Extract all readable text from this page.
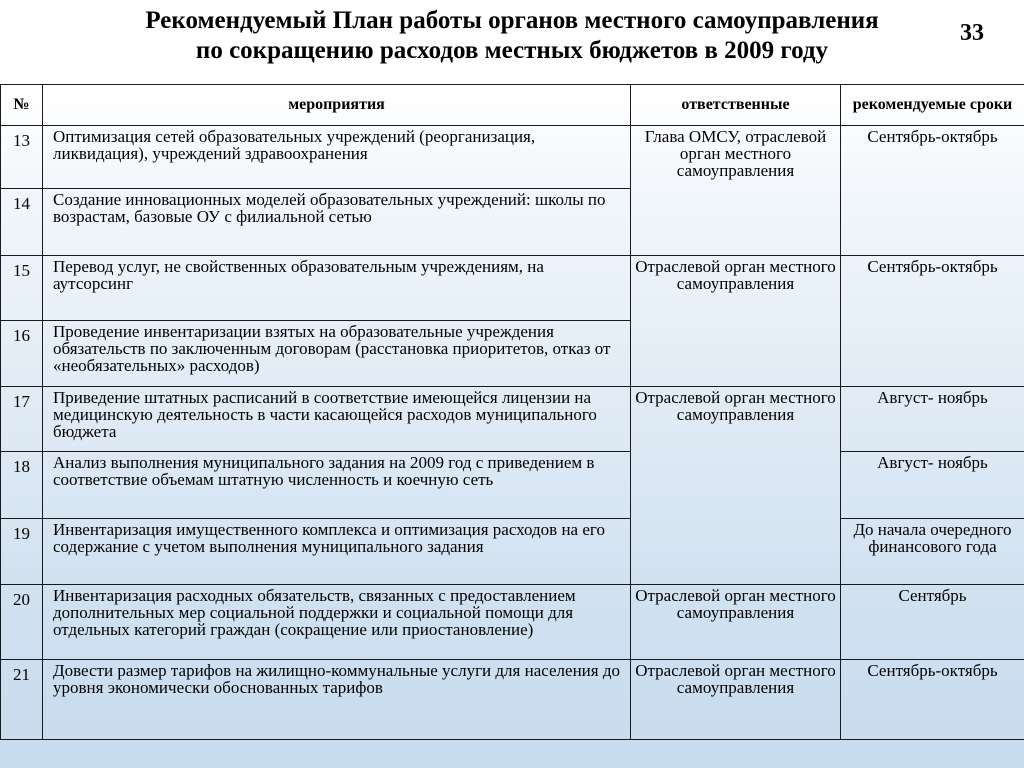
Рекомендуемый План работы органов местного самоуправления
по сокращению расходов местных бюджетов в 2009 году
33
№	мероприятия	ответственные	рекомендуемые сроки
13	Оптимизация сетей образовательных учреждений (реорганизация, ликвидация), учреждений здравоохранения	Глава ОМСУ, отраслевой орган местного самоуправления	Сентябрь-октябрь
14	Создание инновационных моделей образовательных учреждений: школы по возрастам, базовые ОУ с филиальной сетью		
15	Перевод услуг, не свойственных образовательным учреждениям, на аутсорсинг	Отраслевой орган местного самоуправления	Сентябрь-октябрь
16	Проведение инвентаризации взятых на образовательные учреждения обязательств по заключенным договорам (расстановка приоритетов, отказ от «необязательных» расходов)		
17	Приведение штатных расписаний в соответствие имеющейся лицензии на медицинскую деятельность в части касающейся расходов муниципального бюджета	Отраслевой орган местного самоуправления	Август- ноябрь
18	Анализ выполнения муниципального задания на 2009 год с приведением в соответствие объемам штатную численность и коечную сеть		Август- ноябрь
19	Инвентаризация имущественного комплекса и оптимизация расходов на его содержание с учетом выполнения муниципального задания		До начала очередного финансового года
20	Инвентаризация расходных обязательств, связанных с предоставлением дополнительных мер социальной поддержки и социальной помощи для отдельных категорий граждан (сокращение или приостановление)	Отраслевой орган местного самоуправления	Сентябрь
21	Довести размер тарифов на жилищно-коммунальные услуги для населения до уровня экономически обоснованных тарифов	Отраслевой орган местного самоуправления	Сентябрь-октябрь
